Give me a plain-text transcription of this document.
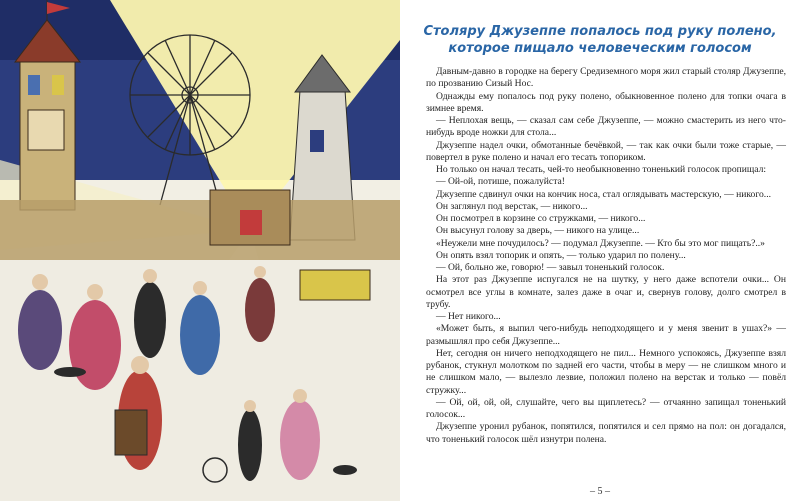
Столяру Джузеппе попалось под руку полено,
которое пищало человеческим голосом

Давным-давно в городке на берегу Средиземного моря жил старый столяр Джузеппе, по прозванию Сизый Нос.

Однажды ему попалось под руку полено, обыкновенное полено для топки очага в зимнее время.

— Неплохая вещь, — сказал сам себе Джузеппе, — можно смастерить из него что-нибудь вроде ножки для стола...

Джузеппе надел очки, обмотанные бечёвкой, — так как очки были тоже старые, — повертел в руке полено и начал его тесать топориком.

Но только он начал тесать, чей-то необыкновенно тоненький голосок пропищал:

— Ой-ой, потише, пожалуйста!

Джузеппе сдвинул очки на кончик носа, стал оглядывать мастерскую, — никого...

Он заглянул под верстак, — никого...

Он посмотрел в корзине со стружками, — никого...

Он высунул голову за дверь, — никого на улице...

«Неужели мне почудилось? — подумал Джузеппе. — Кто бы это мог пищать?..»

Он опять взял топорик и опять, — только ударил по полену...

— Ой, больно же, говорю! — завыл тоненький голосок.

На этот раз Джузеппе испугался не на шутку, у него даже вспотели очки... Он осмотрел все углы в комнате, залез даже в очаг и, свернув голову, долго смотрел в трубу.

— Нет никого...

«Может быть, я выпил чего-нибудь неподходящего и у меня звенит в ушах?» — размышлял про себя Джузеппе...

Нет, сегодня он ничего неподходящего не пил... Немного успокоясь, Джузеппе взял рубанок, стукнул молотком по задней его части, чтобы в меру — не слишком много и не слишком мало, — вылезло лезвие, положил полено на верстак и только — повёл стружку...

— Ой, ой, ой, ой, слушайте, чего вы щиплетесь? — отчаянно запищал тоненький голосок...

Джузеппе уронил рубанок, попятился, попятился и сел прямо на пол: он догадался, что тоненький голосок шёл изнутри полена.

– 5 –
